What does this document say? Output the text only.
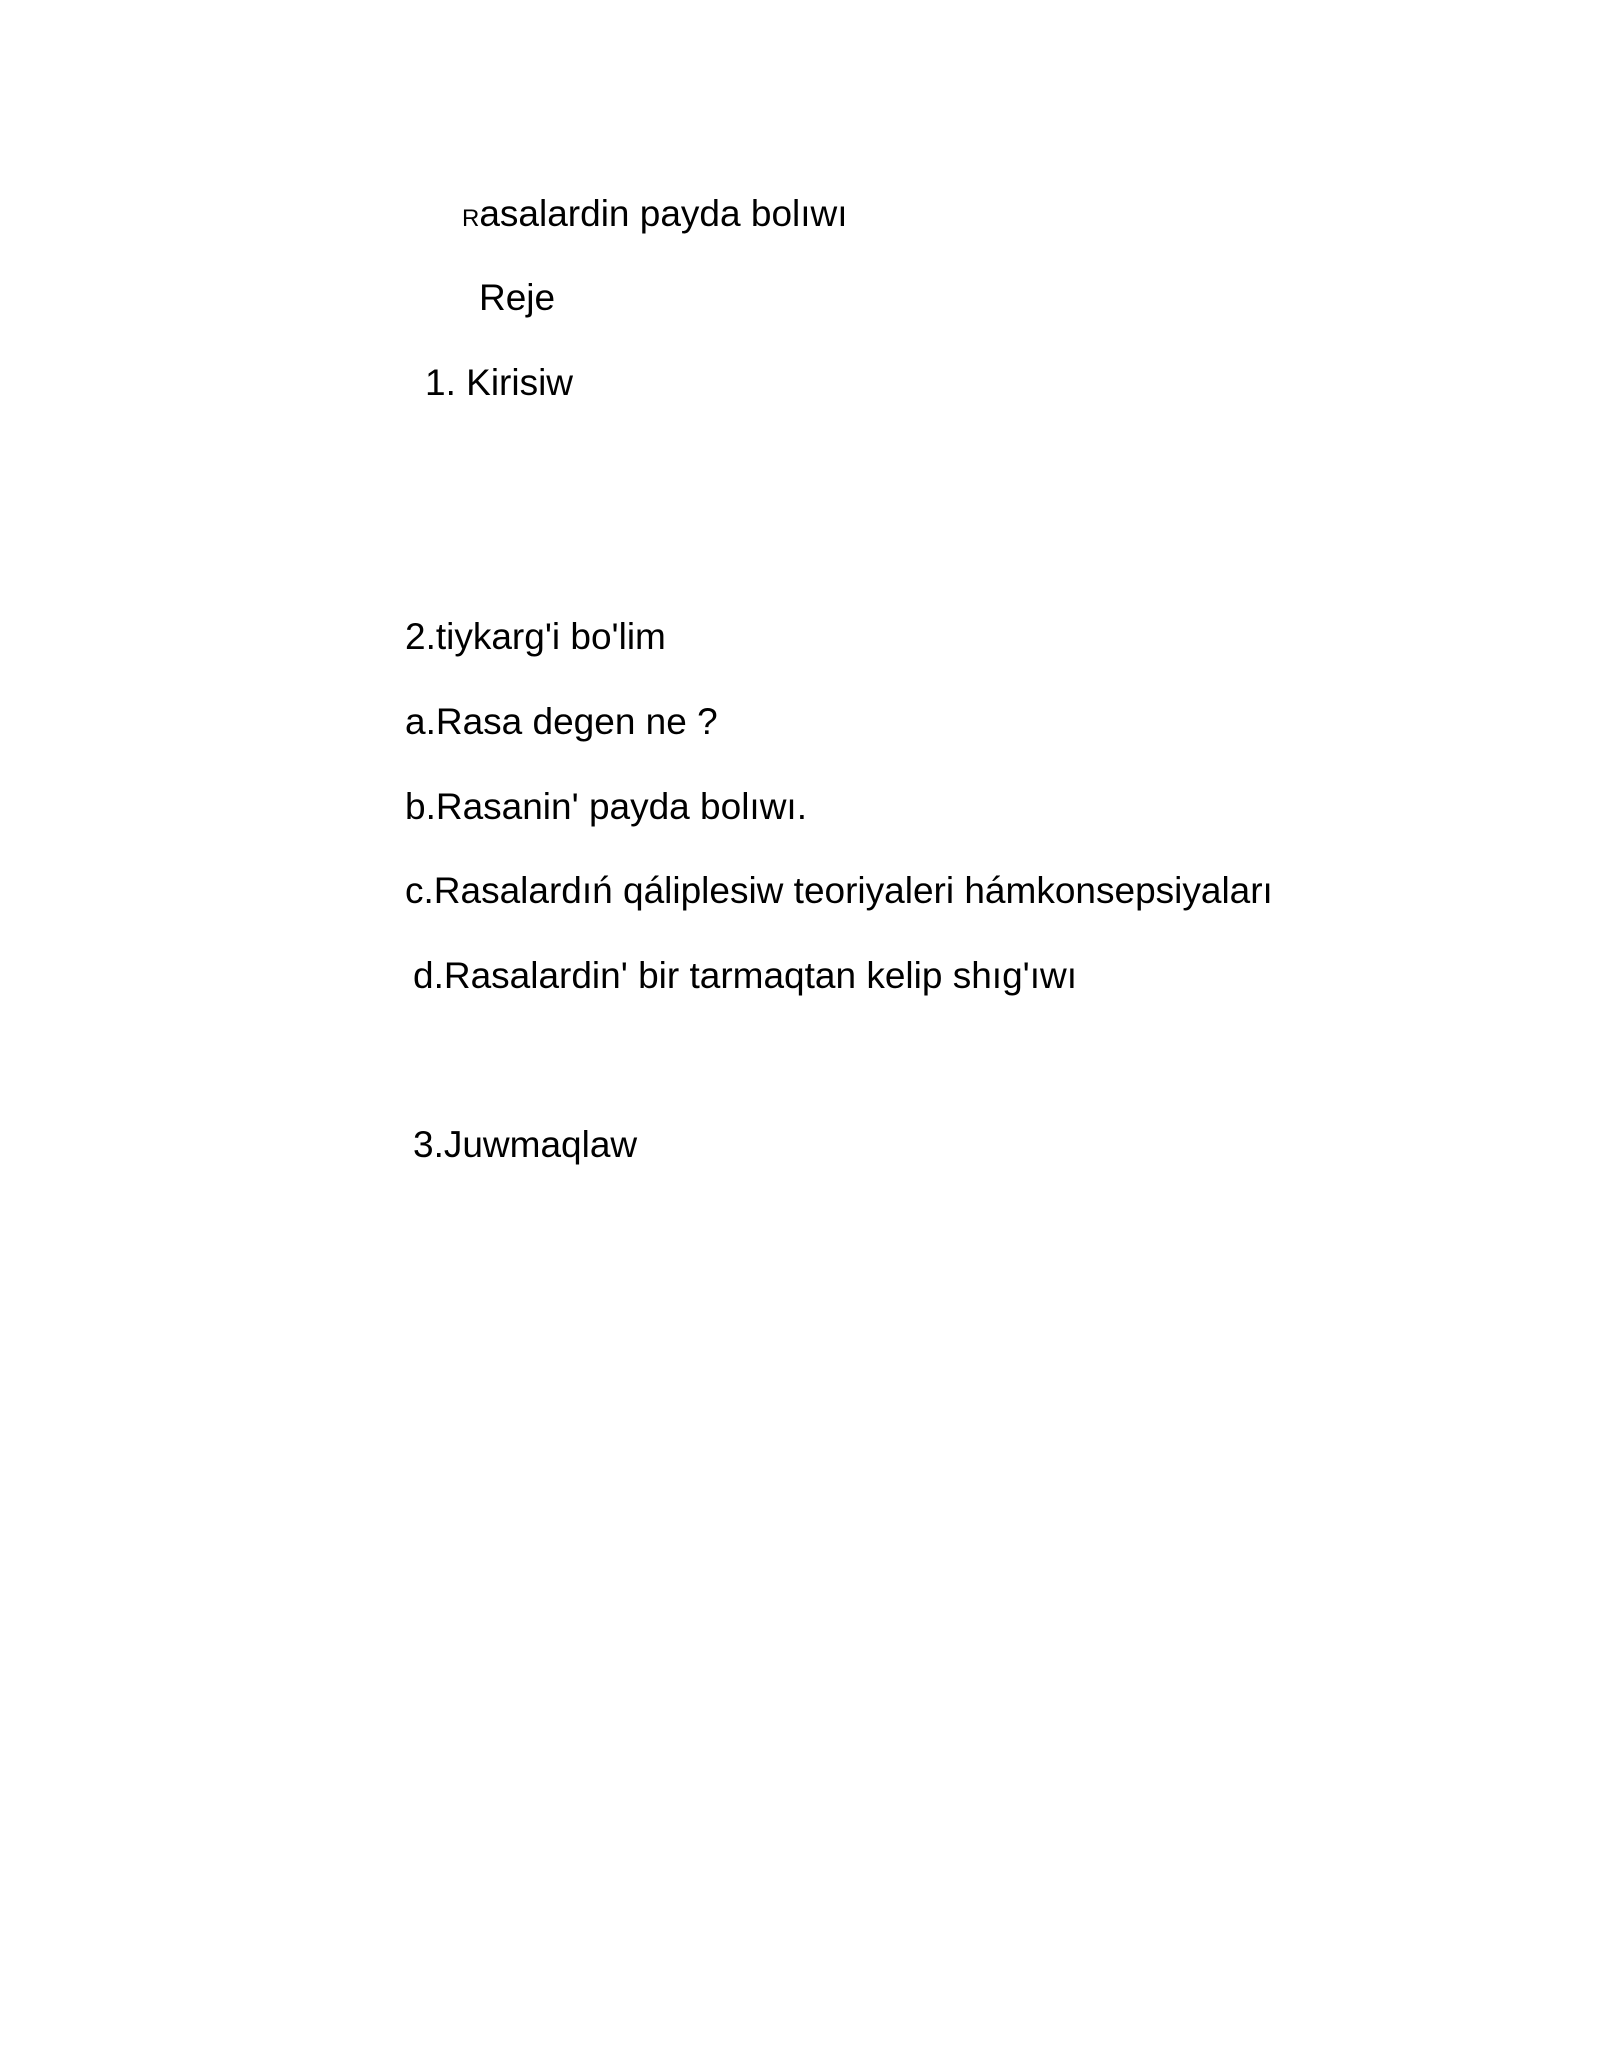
Rasalardin payda bolıwı
Reje
1. Kirisiw
2.tiykarg'i bo'lim
a.Rasa degen ne ?
b.Rasanin' payda bolıwı.
c.Rasalardıń qáliplesiw teoriyaleri hámkonsepsiyaları
d.Rasalardin' bir tarmaqtan kelip shıg'ıwı
3.Juwmaqlaw
